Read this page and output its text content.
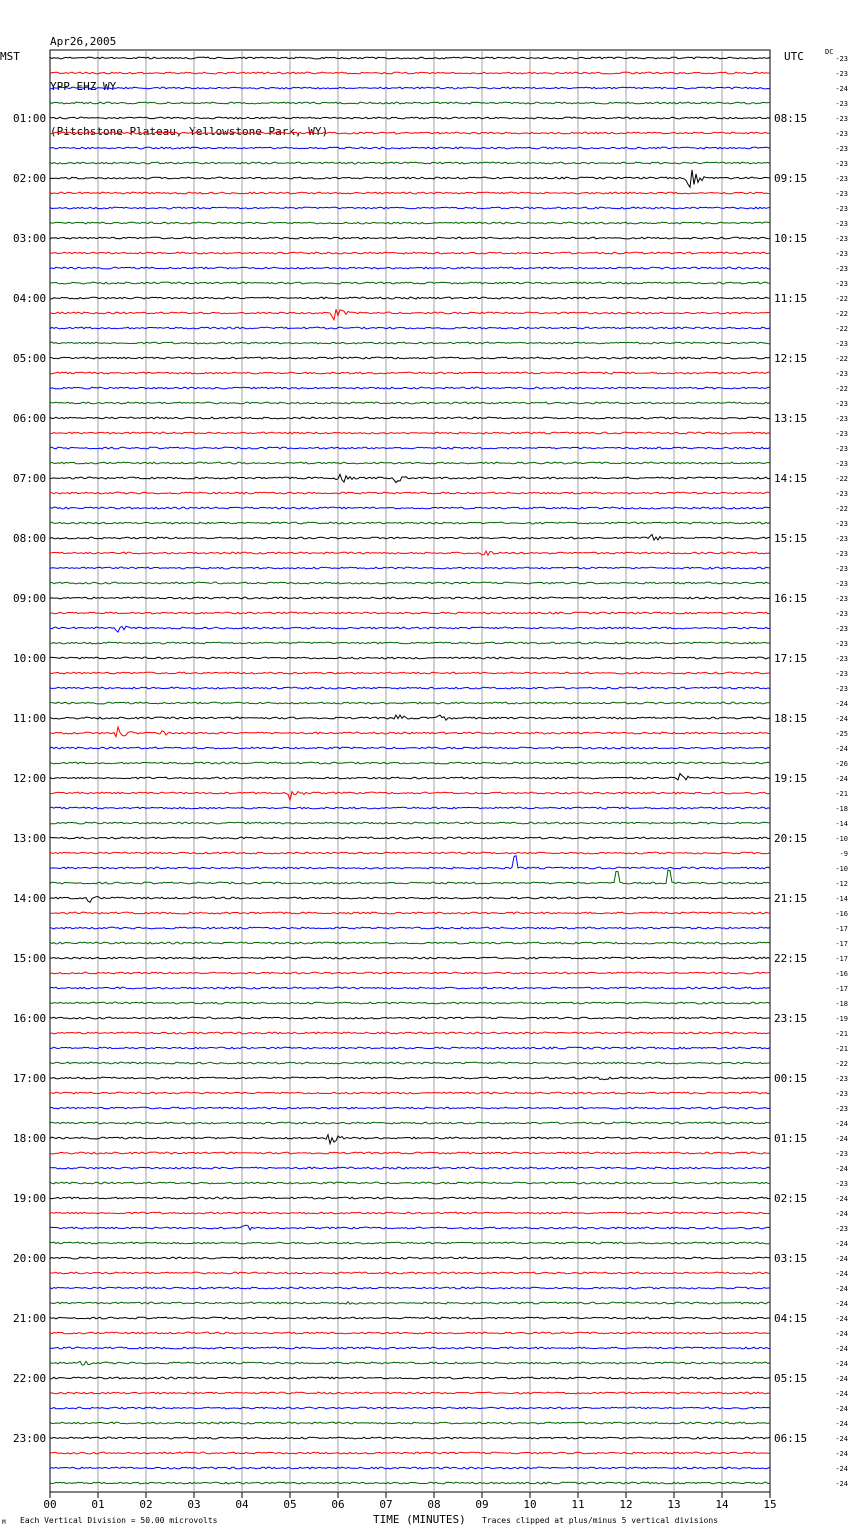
Apr26,2005

YPP EHZ WY

(Pitchstone Plateau, Yellowstone Park, WY)

MST	UTC	DC
00	01	02	03	04	05	06	07	08	09	10	11	12	13	14	15
-23
-23
-24
-23
-23
-23
-23
-23
-23
-23
-23
-23
-23
-23
-23
-23
-22
-22
-22
-23
-22
-23
-22
-23
-23
-23
-23
-23
-22
-23
-22
-23
-23
-23
-23
-23
-23
-23
-23
-23
-23
-23
-23
-24
-24
-25
-24
-26
-24
-21
-18
-14
-10
-9
-10
-12
-14
-16
-17
-17
-17
-16
-17
-18
-19
-21
-21
-22
-23
-23
-23
-24
-24
-23
-24
-23
-24
-24
-23
-24
-24
-24
-24
-24
-24
-24
-24
-24
-24
-24
-24
-24
-24
-24
-24
-24
01:00	08:15
02:00	09:15
03:00	10:15
04:00	11:15
05:00	12:15
06:00	13:15
07:00	14:15
08:00	15:15
09:00	16:15
10:00	17:15
11:00	18:15
12:00	19:15
13:00	20:15
14:00	21:15
15:00	22:15
16:00	23:15
17:00	00:15
18:00	01:15
19:00	02:15
20:00	03:15
21:00	04:15
22:00	05:15
23:00	06:15
M Each Vertical Division = 50.00 microvolts	TIME (MINUTES) Traces clipped at plus/minus 5 vertical divisions
